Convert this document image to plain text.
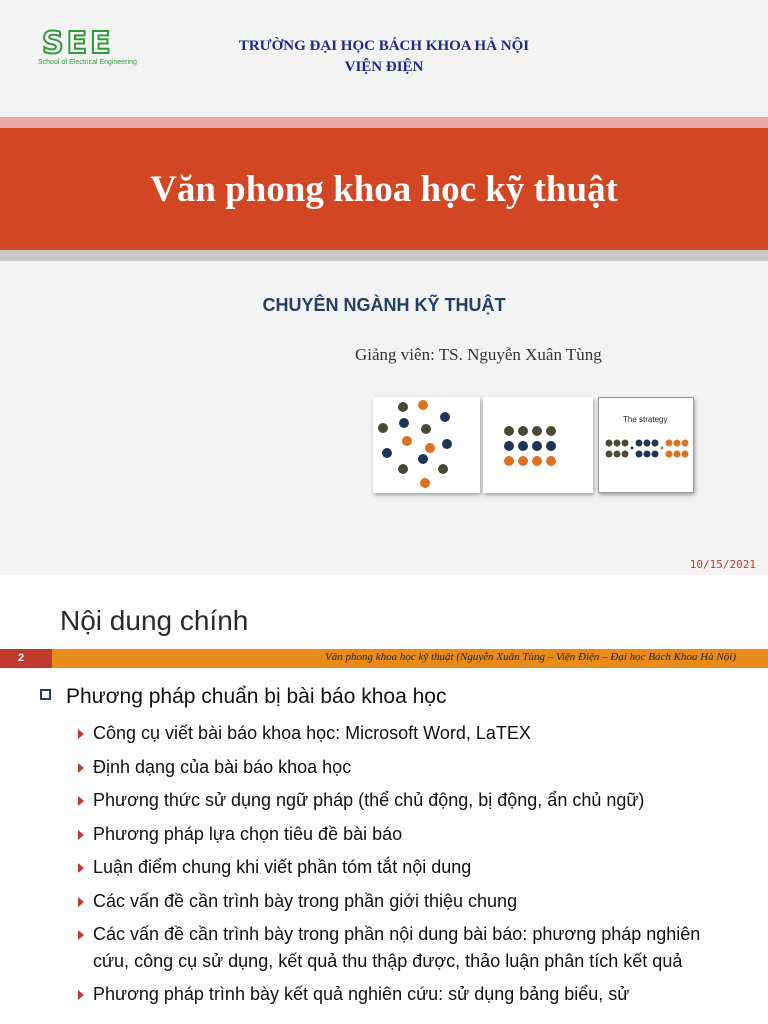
SEE
School of Electrical Engineering
TRƯỜNG ĐẠI HỌC BÁCH KHOA HÀ NỘI
VIỆN ĐIỆN
Văn phong khoa học kỹ thuật
CHUYÊN NGÀNH KỸ THUẬT
Giảng viên: TS. Nguyễn Xuân Tùng
The strategy
10/15/2021
Nội dung chính
2	Văn phong khoa học kỹ thuật (Nguyễn Xuân Tùng – Viện Điện – Đại học Bách Khoa Hà Nội)
Phương pháp chuẩn bị bài báo khoa học
Công cụ viết bài báo khoa học: Microsoft Word, LaTEX
Định dạng của bài báo khoa học
Phương thức sử dụng ngữ pháp (thể chủ động, bị động, ẩn chủ ngữ)
Phương pháp lựa chọn tiêu đề bài báo
Luận điểm chung khi viết phần tóm tắt nội dung
Các vấn đề cần trình bày trong phần giới thiệu chung
Các vấn đề cần trình bày trong phần nội dung bài báo: phương pháp nghiên cứu, công cụ sử dụng, kết quả thu thập được, thảo luận phân tích kết quả
Phương pháp trình bày kết quả nghiên cứu: sử dụng bảng biểu, sử
